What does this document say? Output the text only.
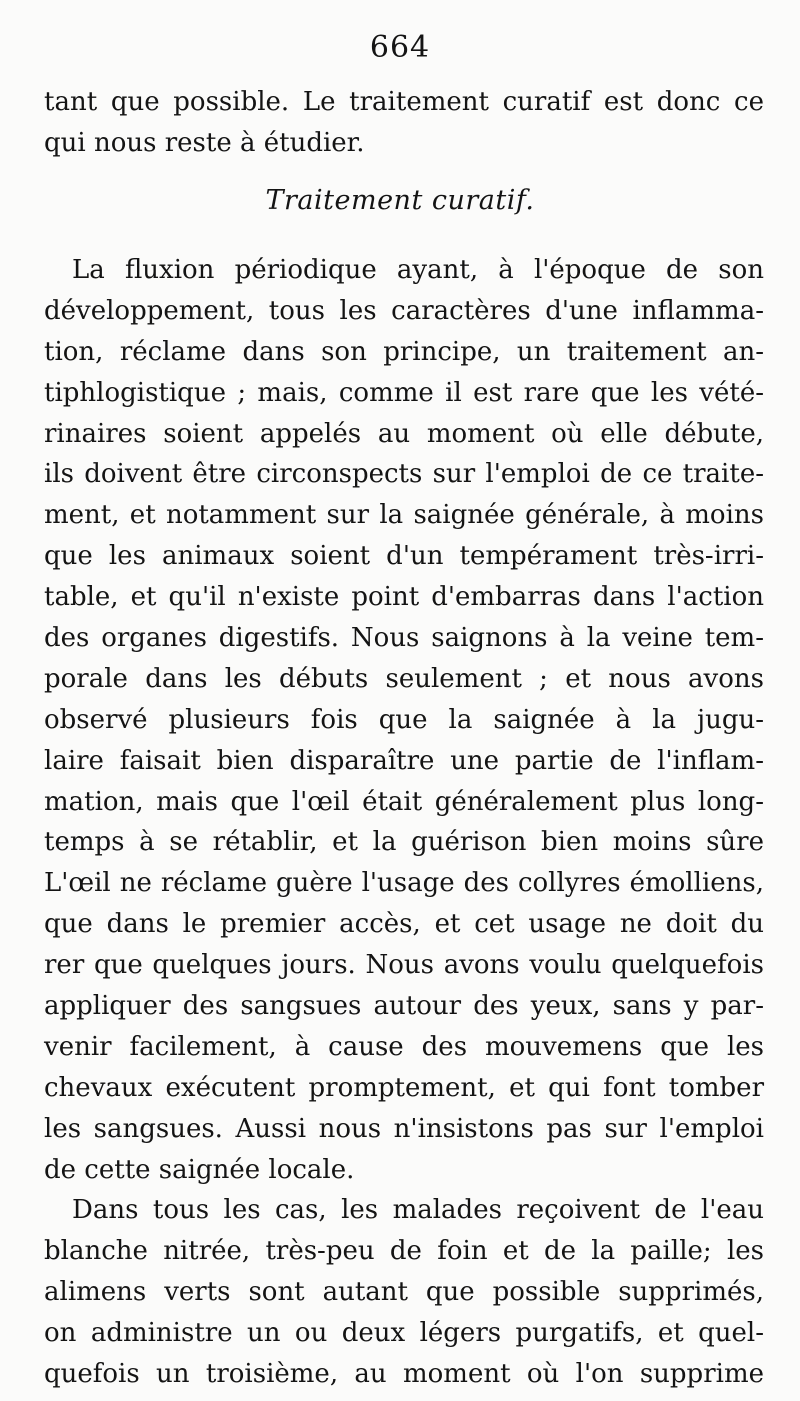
664
tant que possible. Le traitement curatif est donc ce
qui nous reste à étudier.
Traitement curatif.
La fluxion périodique ayant, à l'époque de son
développement, tous les caractères d'une inflamma-
tion, réclame dans son principe, un traitement an-
tiphlogistique ; mais, comme il est rare que les vété-
rinaires soient appelés au moment où elle débute,
ils doivent être circonspects sur l'emploi de ce traite-
ment, et notamment sur la saignée générale, à moins
que les animaux soient d'un tempérament très-irri-
table, et qu'il n'existe point d'embarras dans l'action
des organes digestifs. Nous saignons à la veine tem-
porale dans les débuts seulement ; et nous avons
observé plusieurs fois que la saignée à la jugu-
laire faisait bien disparaître une partie de l'inflam-
mation, mais que l'œil était généralement plus long-
temps à se rétablir, et la guérison bien moins sûre
L'œil ne réclame guère l'usage des collyres émolliens,
que dans le premier accès, et cet usage ne doit du
rer que quelques jours. Nous avons voulu quelquefois
appliquer des sangsues autour des yeux, sans y par-
venir facilement, à cause des mouvemens que les
chevaux exécutent promptement, et qui font tomber
les sangsues. Aussi nous n'insistons pas sur l'emploi
de cette saignée locale.
Dans tous les cas, les malades reçoivent de l'eau
blanche nitrée, très-peu de foin et de la paille; les
alimens verts sont autant que possible supprimés,
on administre un ou deux légers purgatifs, et quel-
quefois un troisième, au moment où l'on supprime
